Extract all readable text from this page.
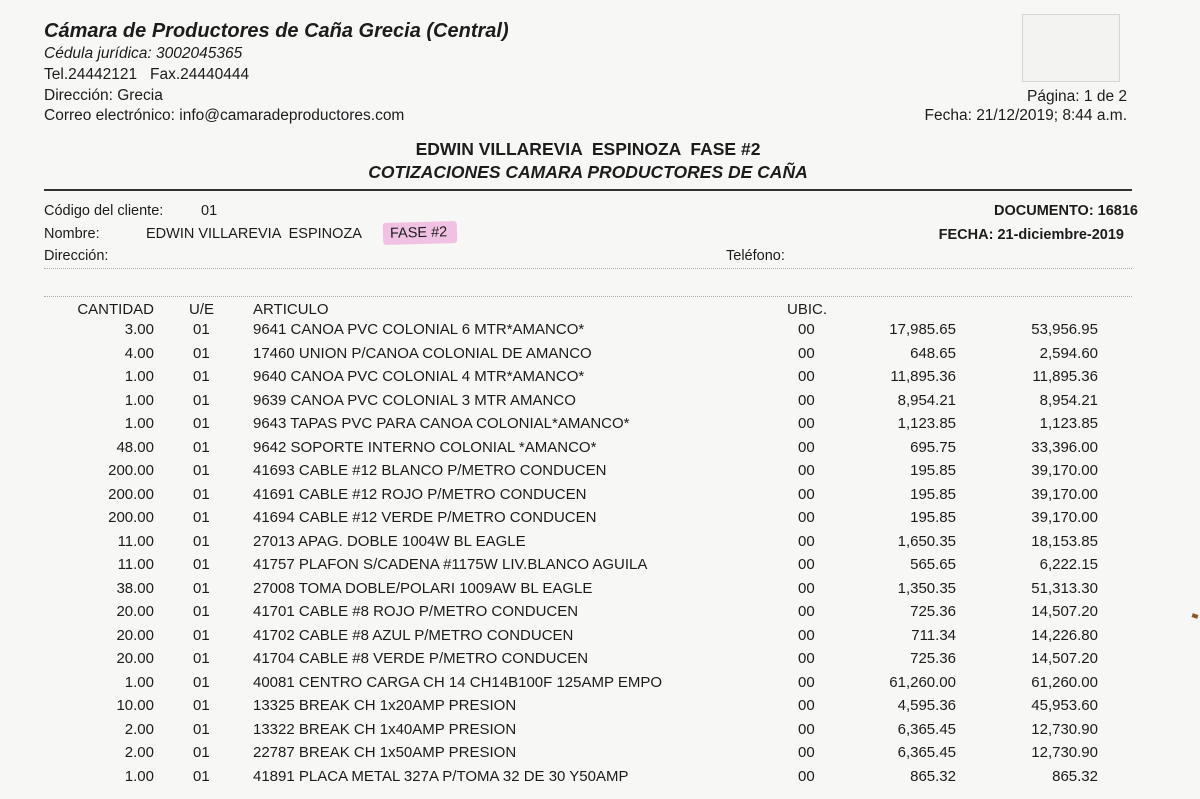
Cámara de Productores de Caña Grecia (Central)
Cédula jurídica: 3002045365
Tel.24442121   Fax.24440444
Dirección: Grecia
Correo electrónico: info@camaradeproductores.com
Página: 1 de 2
Fecha: 21/12/2019; 8:44 a.m.
EDWIN VILLAREVIA  ESPINOZA  FASE #2
COTIZACIONES CAMARA PRODUCTORES DE CAÑA
Código del cliente:	01
Nombre:	EDWIN VILLAREVIA  ESPINOZA	FASE #2
Dirección:	Teléfono:
DOCUMENTO: 16816
FECHA: 21-diciembre-2019
CANTIDAD U/E	ARTICULO	UBIC.
3.00	01	9641 CANOA PVC COLONIAL 6 MTR*AMANCO*	00	17,985.65	53,956.95
4.00	01	17460 UNION P/CANOA COLONIAL DE AMANCO	00	648.65	2,594.60
1.00	01	9640 CANOA PVC COLONIAL 4 MTR*AMANCO*	00	11,895.36	11,895.36
1.00	01	9639 CANOA PVC COLONIAL 3 MTR AMANCO	00	8,954.21	8,954.21
1.00	01	9643 TAPAS PVC PARA CANOA COLONIAL*AMANCO*	00	1,123.85	1,123.85
48.00	01	9642 SOPORTE INTERNO COLONIAL *AMANCO*	00	695.75	33,396.00
200.00	01	41693 CABLE #12 BLANCO P/METRO CONDUCEN	00	195.85	39,170.00
200.00	01	41691 CABLE #12 ROJO P/METRO CONDUCEN	00	195.85	39,170.00
200.00	01	41694 CABLE #12 VERDE P/METRO CONDUCEN	00	195.85	39,170.00
11.00	01	27013 APAG. DOBLE 1004W BL EAGLE	00	1,650.35	18,153.85
11.00	01	41757 PLAFON S/CADENA #1175W LIV.BLANCO AGUILA	00	565.65	6,222.15
38.00	01	27008 TOMA DOBLE/POLARI 1009AW BL EAGLE	00	1,350.35	51,313.30
20.00	01	41701 CABLE #8 ROJO P/METRO CONDUCEN	00	725.36	14,507.20
20.00	01	41702 CABLE #8 AZUL P/METRO CONDUCEN	00	711.34	14,226.80
20.00	01	41704 CABLE #8 VERDE P/METRO CONDUCEN	00	725.36	14,507.20
1.00	01	40081 CENTRO CARGA CH 14 CH14B100F 125AMP EMPO	00	61,260.00	61,260.00
10.00	01	13325 BREAK CH 1x20AMP PRESION	00	4,595.36	45,953.60
2.00	01	13322 BREAK CH 1x40AMP PRESION	00	6,365.45	12,730.90
2.00	01	22787 BREAK CH 1x50AMP PRESION	00	6,365.45	12,730.90
1.00	01	41891 PLACA METAL 327A P/TOMA 32 DE 30 Y50AMP	00	865.32	865.32
